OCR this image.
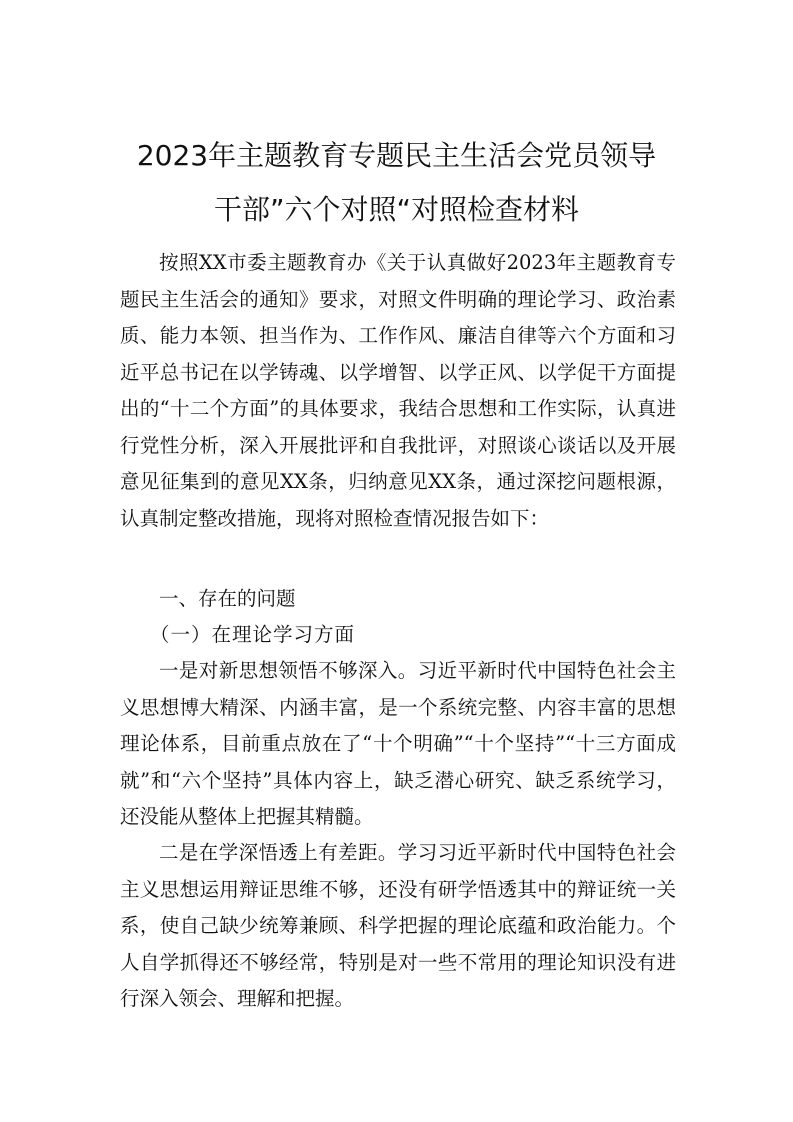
2023年主题教育专题民主生活会党员领导
干部”六个对照“对照检查材料

按照XX市委主题教育办《关于认真做好2023年主题教育专题民主生活会的通知》要求，对照文件明确的理论学习、政治素质、能力本领、担当作为、工作作风、廉洁自律等六个方面和习近平总书记在以学铸魂、以学增智、以学正风、以学促干方面提出的“十二个方面”的具体要求，我结合思想和工作实际，认真进行党性分析，深入开展批评和自我批评，对照谈心谈话以及开展意见征集到的意见XX条，归纳意见XX条，通过深挖问题根源，认真制定整改措施，现将对照检查情况报告如下：

一、存在的问题
（一）在理论学习方面

一是对新思想领悟不够深入。习近平新时代中国特色社会主义思想博大精深、内涵丰富，是一个系统完整、内容丰富的思想理论体系，目前重点放在了“十个明确”“十个坚持”“十三方面成就”和“六个坚持”具体内容上，缺乏潜心研究、缺乏系统学习，还没能从整体上把握其精髓。

二是在学深悟透上有差距。学习习近平新时代中国特色社会主义思想运用辩证思维不够，还没有研学悟透其中的辩证统一关系，使自己缺少统筹兼顾、科学把握的理论底蕴和政治能力。个人自学抓得还不够经常，特别是对一些不常用的理论知识没有进行深入领会、理解和把握。
